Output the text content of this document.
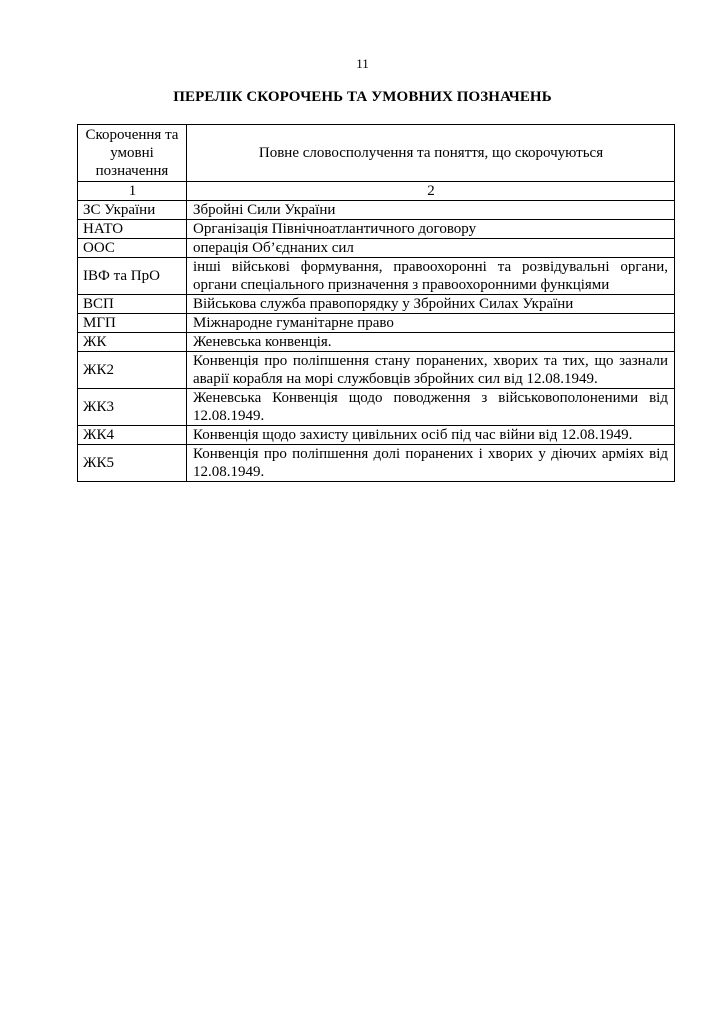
11
ПЕРЕЛІК СКОРОЧЕНЬ ТА УМОВНИХ ПОЗНАЧЕНЬ
Скорочення та умовні позначення	Повне словосполучення та поняття, що скорочуються
1	2
ЗС України	Збройні Сили України
НАТО	Організація Північноатлантичного договору
ООС	операція Об’єднаних сил
ІВФ та ПрО	інші військові формування, правоохоронні та розвідувальні органи, органи спеціального призначення з правоохоронними функціями
ВСП	Військова служба правопорядку у Збройних Силах України
МГП	Міжнародне гуманітарне право
ЖК	Женевська конвенція.
ЖК2	Конвенція про поліпшення стану поранених, хворих та тих, що зазнали аварії корабля на морі службовців збройних сил від 12.08.1949.
ЖК3	Женевська Конвенція щодо поводження з військовополоненими від 12.08.1949.
ЖК4	Конвенція щодо захисту цивільних осіб під час війни від 12.08.1949.
ЖК5	Конвенція про поліпшення долі поранених і хворих у діючих арміях від 12.08.1949.
